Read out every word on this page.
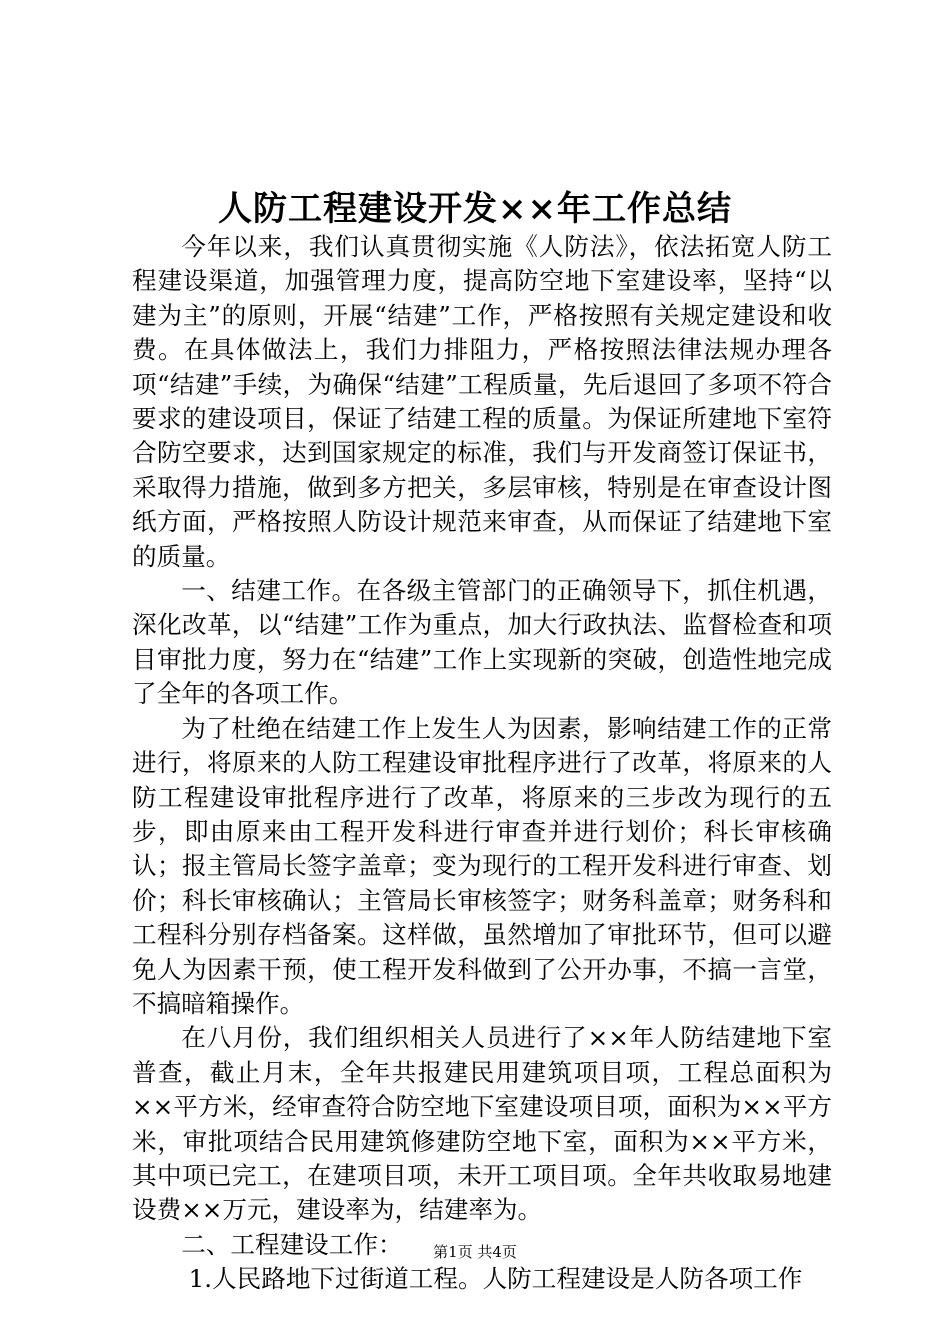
人防工程建设开发××年工作总结

今年以来，我们认真贯彻实施《人防法》，依法拓宽人防工程建设渠道，加强管理力度，提高防空地下室建设率，坚持“以建为主”的原则，开展“结建”工作，严格按照有关规定建设和收费。在具体做法上，我们力排阻力，严格按照法律法规办理各项“结建”手续，为确保“结建”工程质量，先后退回了多项不符合要求的建设项目，保证了结建工程的质量。为保证所建地下室符合防空要求，达到国家规定的标准，我们与开发商签订保证书，采取得力措施，做到多方把关，多层审核，特别是在审查设计图纸方面，严格按照人防设计规范来审查，从而保证了结建地下室的质量。

一、结建工作。在各级主管部门的正确领导下，抓住机遇，深化改革，以“结建”工作为重点，加大行政执法、监督检查和项目审批力度，努力在“结建”工作上实现新的突破，创造性地完成了全年的各项工作。

为了杜绝在结建工作上发生人为因素，影响结建工作的正常进行，将原来的人防工程建设审批程序进行了改革，将原来的人防工程建设审批程序进行了改革，将原来的三步改为现行的五步，即由原来由工程开发科进行审查并进行划价；科长审核确认；报主管局长签字盖章；变为现行的工程开发科进行审查、划价；科长审核确认；主管局长审核签字；财务科盖章；财务科和工程科分别存档备案。这样做，虽然增加了审批环节，但可以避免人为因素干预，使工程开发科做到了公开办事，不搞一言堂，不搞暗箱操作。

在八月份，我们组织相关人员进行了××年人防结建地下室普查，截止月末，全年共报建民用建筑项目项，工程总面积为××平方米，经审查符合防空地下室建设项目项，面积为××平方米，审批项结合民用建筑修建防空地下室，面积为××平方米，其中项已完工，在建项目项，未开工项目项。全年共收取易地建设费××万元，建设率为，结建率为。

二、工程建设工作：

1.人民路地下过街道工程。人防工程建设是人防各项工作

第1页 共4页
